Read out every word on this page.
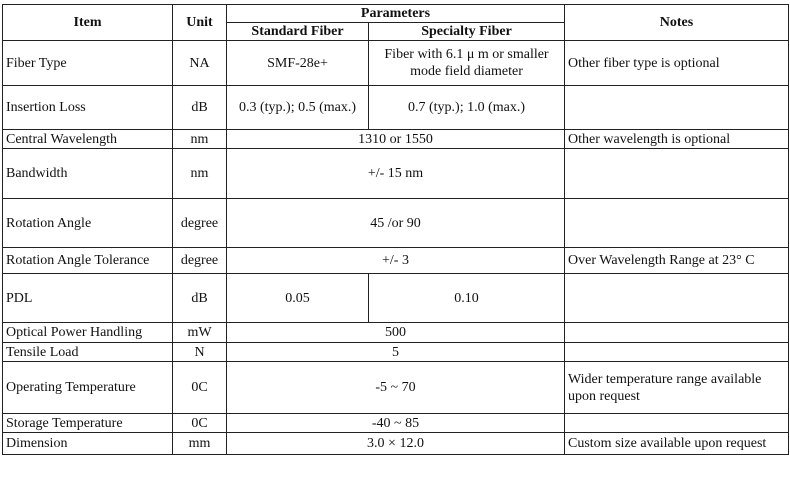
Item	Unit	Parameters		Notes
		Standard Fiber	Specialty Fiber	
Fiber Type	NA	SMF-28e+	Fiber with 6.1 μ m or smaller mode field diameter	Other fiber type is optional
Insertion Loss	dB	0.3 (typ.); 0.5 (max.)	0.7 (typ.); 1.0 (max.)	
Central Wavelength	nm	1310 or 1550		Other wavelength is optional
Bandwidth	nm	+/- 15 nm		
Rotation Angle	degree	45 /or 90		
Rotation Angle Tolerance	degree	+/- 3		Over Wavelength Range at 23° C
PDL	dB	0.05	0.10	
Optical Power Handling	mW	500		
Tensile Load	N	5		
Operating Temperature	0C	-5 ~ 70		Wider temperature range available upon request
Storage Temperature	0C	-40 ~ 85		
Dimension	mm	3.0 × 12.0		Custom size available upon request
